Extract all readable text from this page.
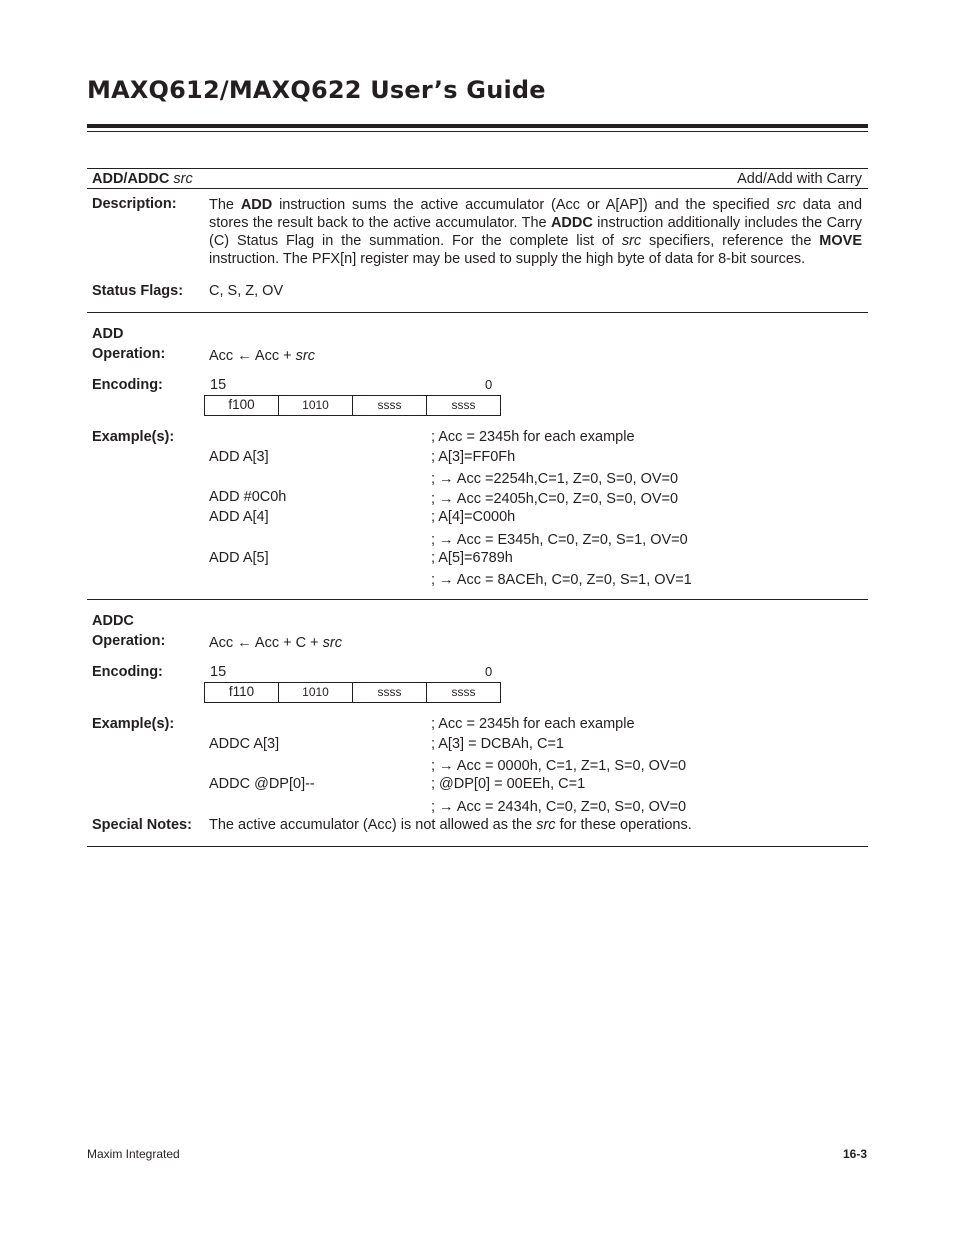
MAXQ612/MAXQ622 User’s Guide
ADD/ADDC src	Add/Add with Carry
Description: The ADD instruction sums the active accumulator (Acc or A[AP]) and the specified src data and stores the result back to the active accumulator. The ADDC instruction additionally includes the Carry (C) Status Flag in the summation. For the complete list of src specifiers, reference the MOVE instruction. The PFX[n] register may be used to supply the high byte of data for 8-bit sources.
Status Flags: C, S, Z, OV
ADD
Operation:	Acc ← Acc + src
Encoding:	15	0
f100	1010	ssss	ssss
Example(s):	; Acc = 2345h for each example
ADD A[3]	; A[3]=FF0Fh
; → Acc =2254h,C=1, Z=0, S=0, OV=0
ADD #0C0h	; → Acc =2405h,C=0, Z=0, S=0, OV=0
ADD A[4]	; A[4]=C000h
; → Acc = E345h, C=0, Z=0, S=1, OV=0
ADD A[5]	; A[5]=6789h
; → Acc = 8ACEh, C=0, Z=0, S=1, OV=1
ADDC
Operation:	Acc ← Acc + C + src
Encoding:	15	0
f110	1010	ssss	ssss
Example(s):	; Acc = 2345h for each example
ADDC A[3]	; A[3] = DCBAh, C=1
; → Acc = 0000h, C=1, Z=1, S=0, OV=0
ADDC @DP[0]--	; @DP[0] = 00EEh, C=1
; → Acc = 2434h, C=0, Z=0, S=0, OV=0
Special Notes: The active accumulator (Acc) is not allowed as the src for these operations.
Maxim Integrated	16-3
